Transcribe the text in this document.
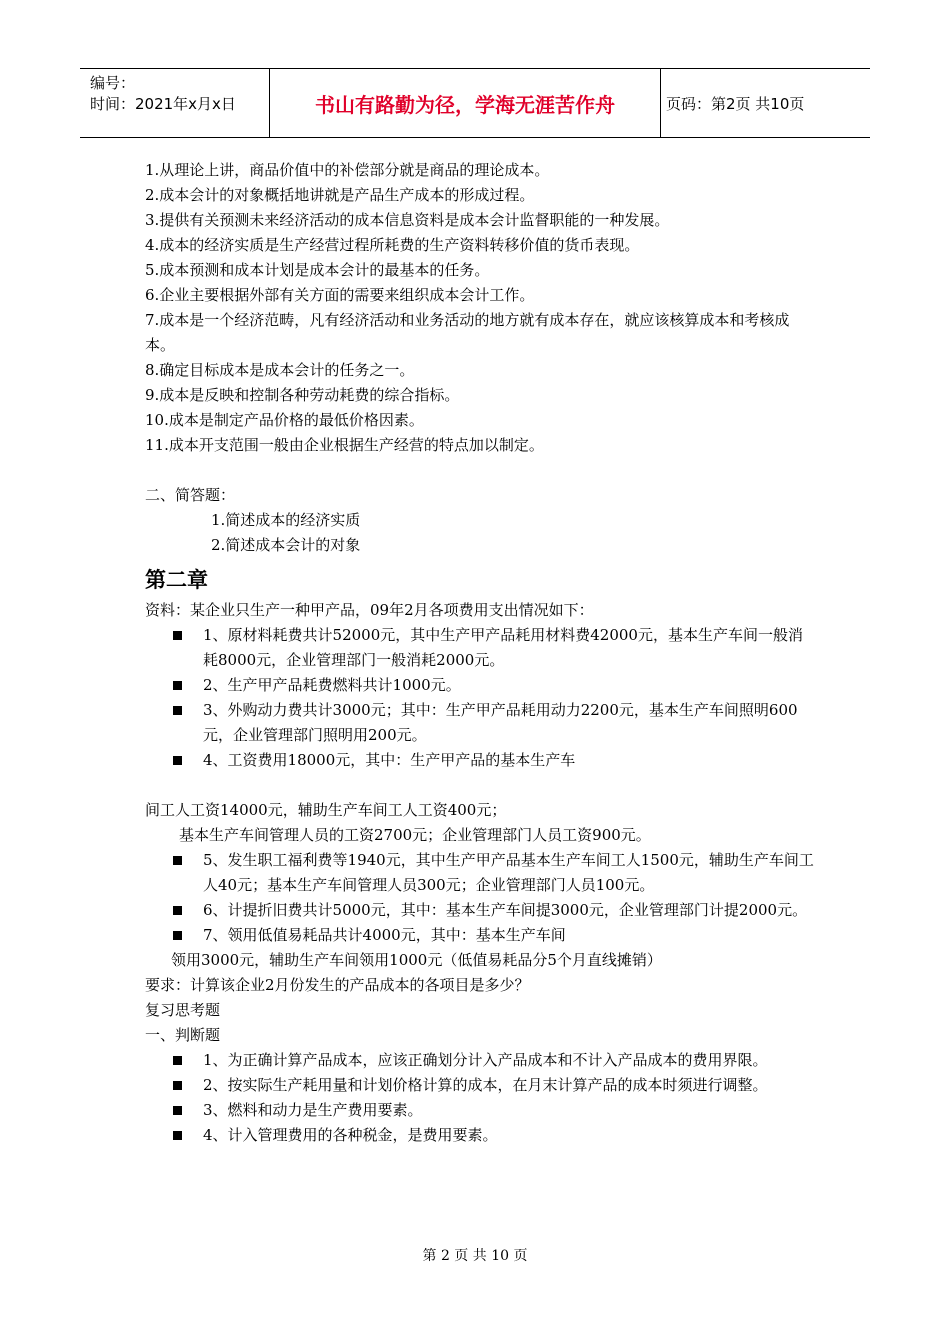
编号：
时间：2021年x月x日	书山有路勤为径，学海无涯苦作舟	页码：第2页 共10页
1.从理论上讲，商品价值中的补偿部分就是商品的理论成本。
2.成本会计的对象概括地讲就是产品生产成本的形成过程。
3.提供有关预测未来经济活动的成本信息资料是成本会计监督职能的一种发展。
4.成本的经济实质是生产经营过程所耗费的生产资料转移价值的货币表现。
5.成本预测和成本计划是成本会计的最基本的任务。
6.企业主要根据外部有关方面的需要来组织成本会计工作。
7.成本是一个经济范畴，凡有经济活动和业务活动的地方就有成本存在，就应该核算成本和考核成本。
8.确定目标成本是成本会计的任务之一。
9.成本是反映和控制各种劳动耗费的综合指标。
10.成本是制定产品价格的最低价格因素。
11.成本开支范围一般由企业根据生产经营的特点加以制定。
二、简答题：
1.简述成本的经济实质
2.简述成本会计的对象
第二章
资料：某企业只生产一种甲产品，09年2月各项费用支出情况如下：
1、原材料耗费共计52000元，其中生产甲产品耗用材料费42000元，基本生产车间一般消耗8000元，企业管理部门一般消耗2000元。
2、生产甲产品耗费燃料共计1000元。
3、外购动力费共计3000元；其中：生产甲产品耗用动力2200元，基本生产车间照明600元，企业管理部门照明用200元。
4、工资费用18000元，其中：生产甲产品的基本生产车
间工人工资14000元，辅助生产车间工人工资400元；
基本生产车间管理人员的工资2700元；企业管理部门人员工资900元。
5、发生职工福利费等1940元，其中生产甲产品基本生产车间工人1500元，辅助生产车间工人40元；基本生产车间管理人员300元；企业管理部门人员100元。
6、计提折旧费共计5000元，其中：基本生产车间提3000元，企业管理部门计提2000元。
7、领用低值易耗品共计4000元，其中：基本生产车间
领用3000元，辅助生产车间领用1000元（低值易耗品分5个月直线摊销）
要求：计算该企业2月份发生的产品成本的各项目是多少？
复习思考题
一、判断题
1、为正确计算产品成本，应该正确划分计入产品成本和不计入产品成本的费用界限。
2、按实际生产耗用量和计划价格计算的成本，在月末计算产品的成本时须进行调整。
3、燃料和动力是生产费用要素。
4、计入管理费用的各种税金，是费用要素。
第 2 页 共 10 页
